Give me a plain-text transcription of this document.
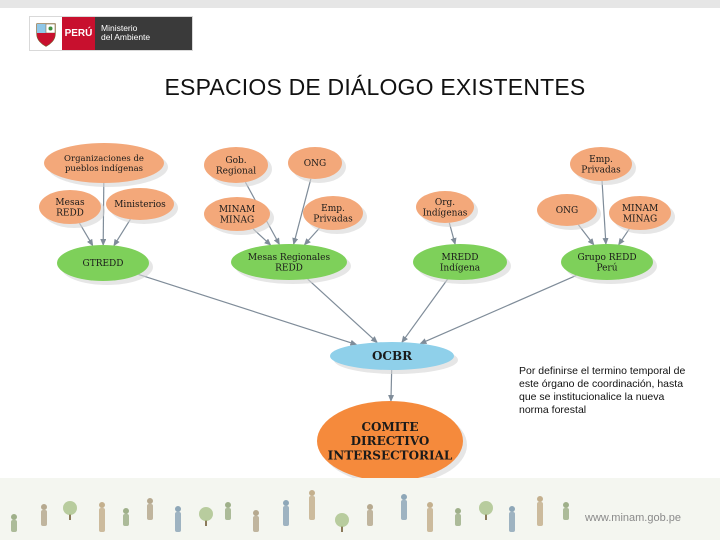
PERÚ	Ministerio
del Ambiente
ESPACIOS DE DIÁLOGO EXISTENTES
Organizaciones de
pueblos indígenas
Mesas
REDD
Ministerios
Gob.
Regional
ONG
MINAM
MINAG
Emp.
Privadas
Org.
Indígenas
Emp.
Privadas
ONG	MINAM
MINAG
GTREDD
Mesas Regionales
REDD
MREDD
Indígena
Grupo REDD
Perú
OCBR
COMITE
DIRECTIVO
INTERSECTORIAL
Por definirse el termino temporal de este órgano de coordinación, hasta que se institucionalice la nueva norma forestal
www.minam.gob.pe
